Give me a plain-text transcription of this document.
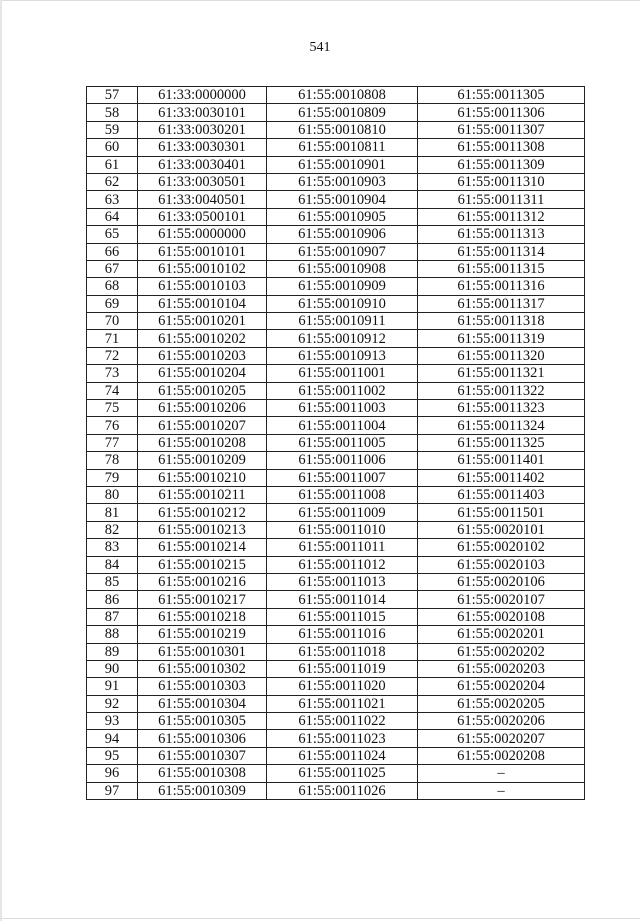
541
57	61:33:0000000	61:55:0010808	61:55:0011305
58	61:33:0030101	61:55:0010809	61:55:0011306
59	61:33:0030201	61:55:0010810	61:55:0011307
60	61:33:0030301	61:55:0010811	61:55:0011308
61	61:33:0030401	61:55:0010901	61:55:0011309
62	61:33:0030501	61:55:0010903	61:55:0011310
63	61:33:0040501	61:55:0010904	61:55:0011311
64	61:33:0500101	61:55:0010905	61:55:0011312
65	61:55:0000000	61:55:0010906	61:55:0011313
66	61:55:0010101	61:55:0010907	61:55:0011314
67	61:55:0010102	61:55:0010908	61:55:0011315
68	61:55:0010103	61:55:0010909	61:55:0011316
69	61:55:0010104	61:55:0010910	61:55:0011317
70	61:55:0010201	61:55:0010911	61:55:0011318
71	61:55:0010202	61:55:0010912	61:55:0011319
72	61:55:0010203	61:55:0010913	61:55:0011320
73	61:55:0010204	61:55:0011001	61:55:0011321
74	61:55:0010205	61:55:0011002	61:55:0011322
75	61:55:0010206	61:55:0011003	61:55:0011323
76	61:55:0010207	61:55:0011004	61:55:0011324
77	61:55:0010208	61:55:0011005	61:55:0011325
78	61:55:0010209	61:55:0011006	61:55:0011401
79	61:55:0010210	61:55:0011007	61:55:0011402
80	61:55:0010211	61:55:0011008	61:55:0011403
81	61:55:0010212	61:55:0011009	61:55:0011501
82	61:55:0010213	61:55:0011010	61:55:0020101
83	61:55:0010214	61:55:0011011	61:55:0020102
84	61:55:0010215	61:55:0011012	61:55:0020103
85	61:55:0010216	61:55:0011013	61:55:0020106
86	61:55:0010217	61:55:0011014	61:55:0020107
87	61:55:0010218	61:55:0011015	61:55:0020108
88	61:55:0010219	61:55:0011016	61:55:0020201
89	61:55:0010301	61:55:0011018	61:55:0020202
90	61:55:0010302	61:55:0011019	61:55:0020203
91	61:55:0010303	61:55:0011020	61:55:0020204
92	61:55:0010304	61:55:0011021	61:55:0020205
93	61:55:0010305	61:55:0011022	61:55:0020206
94	61:55:0010306	61:55:0011023	61:55:0020207
95	61:55:0010307	61:55:0011024	61:55:0020208
96	61:55:0010308	61:55:0011025	–
97	61:55:0010309	61:55:0011026	–
